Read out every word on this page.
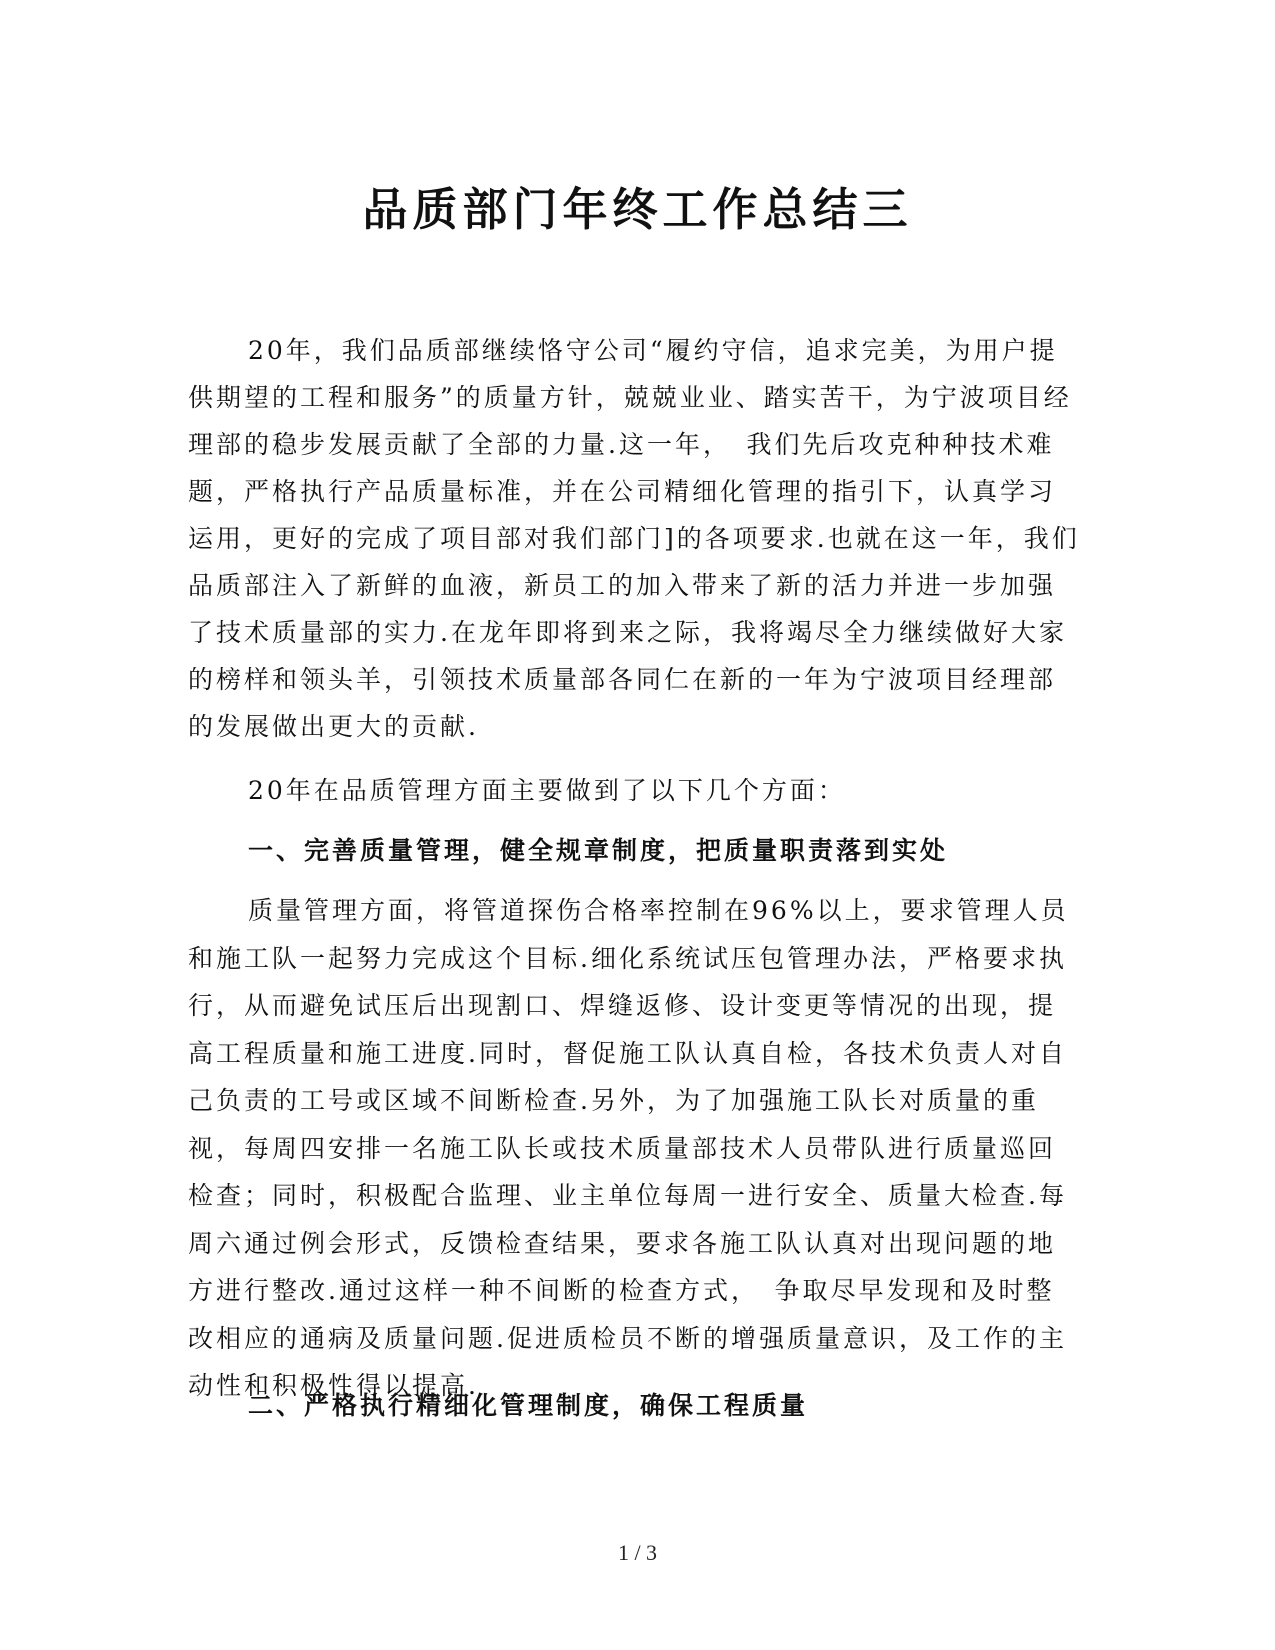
品质部门年终工作总结三

20年，我们品质部继续恪守公司“履约守信，追求完美，为用户提供期望的工程和服务”的质量方针，兢兢业业、踏实苦干，为宁波项目经理部的稳步发展贡献了全部的力量.这一年，　我们先后攻克种种技术难题，严格执行产品质量标准，并在公司精细化管理的指引下，认真学习运用，更好的完成了项目部对我们部门]的各项要求.也就在这一年，我们品质部注入了新鲜的血液，新员工的加入带来了新的活力并进一步加强了技术质量部的实力.在龙年即将到来之际，我将竭尽全力继续做好大家的榜样和领头羊，引领技术质量部各同仁在新的一年为宁波项目经理部的发展做出更大的贡献.

20年在品质管理方面主要做到了以下几个方面：

一、完善质量管理，健全规章制度，把质量职责落到实处

质量管理方面，将管道探伤合格率控制在96%以上，要求管理人员和施工队一起努力完成这个目标.细化系统试压包管理办法，严格要求执行，从而避免试压后出现割口、焊缝返修、设计变更等情况的出现，提高工程质量和施工进度.同时，督促施工队认真自检，各技术负责人对自己负责的工号或区域不间断检查.另外，为了加强施工队长对质量的重视，每周四安排一名施工队长或技术质量部技术人员带队进行质量巡回检查；同时，积极配合监理、业主单位每周一进行安全、质量大检查.每周六通过例会形式，反馈检查结果，要求各施工队认真对出现问题的地方进行整改.通过这样一种不间断的检查方式，　争取尽早发现和及时整改相应的通病及质量问题.促进质检员不断的增强质量意识，及工作的主动性和积极性得以提高.

二、严格执行精细化管理制度，确保工程质量
1 / 3
